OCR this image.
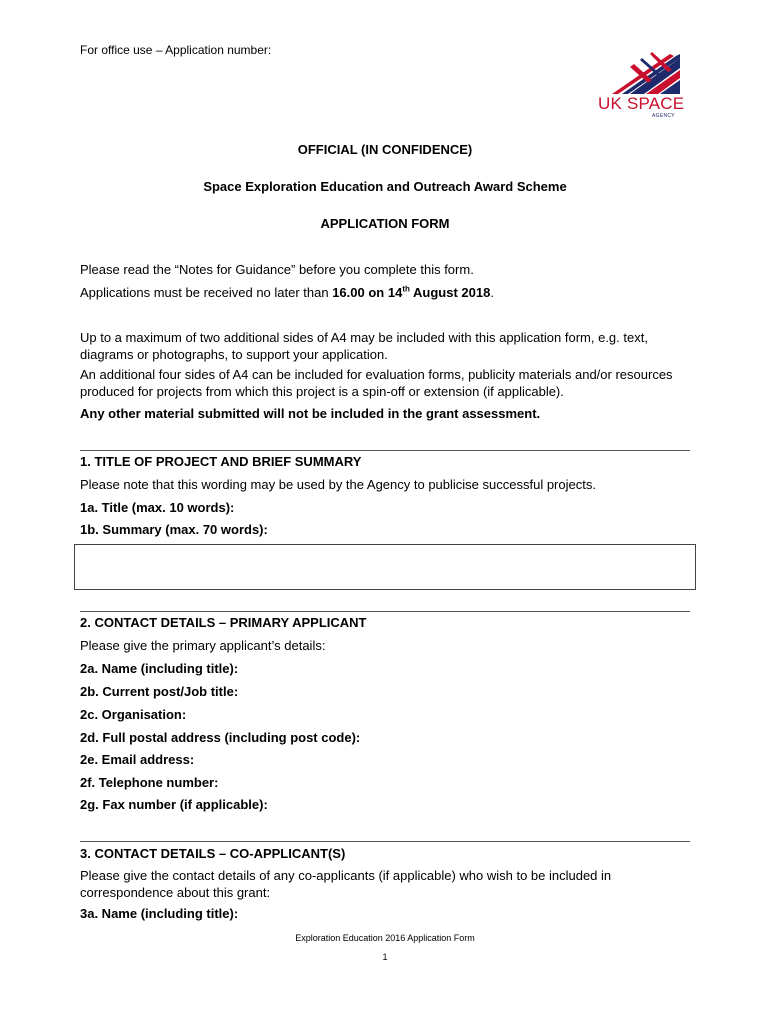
For office use – Application number:
UK SPACE
AGENCY
OFFICIAL (IN CONFIDENCE)
Space Exploration Education and Outreach Award Scheme
APPLICATION FORM
Please read the “Notes for Guidance” before you complete this form.
Applications must be received no later than 16.00 on 14th August 2018.
Up to a maximum of two additional sides of A4 may be included with this application form, e.g. text, diagrams or photographs, to support your application.
An additional four sides of A4 can be included for evaluation forms, publicity materials and/or resources produced for projects from which this project is a spin-off or extension (if applicable).
Any other material submitted will not be included in the grant assessment.
1. TITLE OF PROJECT AND BRIEF SUMMARY
Please note that this wording may be used by the Agency to publicise successful projects.
1a. Title (max. 10 words):
1b. Summary (max. 70 words):
2. CONTACT DETAILS – PRIMARY APPLICANT
Please give the primary applicant’s details:
2a. Name (including title):
2b. Current post/Job title:
2c. Organisation:
2d. Full postal address (including post code):
2e. Email address:
2f. Telephone number:
2g. Fax number (if applicable):
3. CONTACT DETAILS – CO-APPLICANT(S)
Please give the contact details of any co-applicants (if applicable) who wish to be included in correspondence about this grant:
3a. Name (including title):
Exploration Education 2016 Application Form
1
